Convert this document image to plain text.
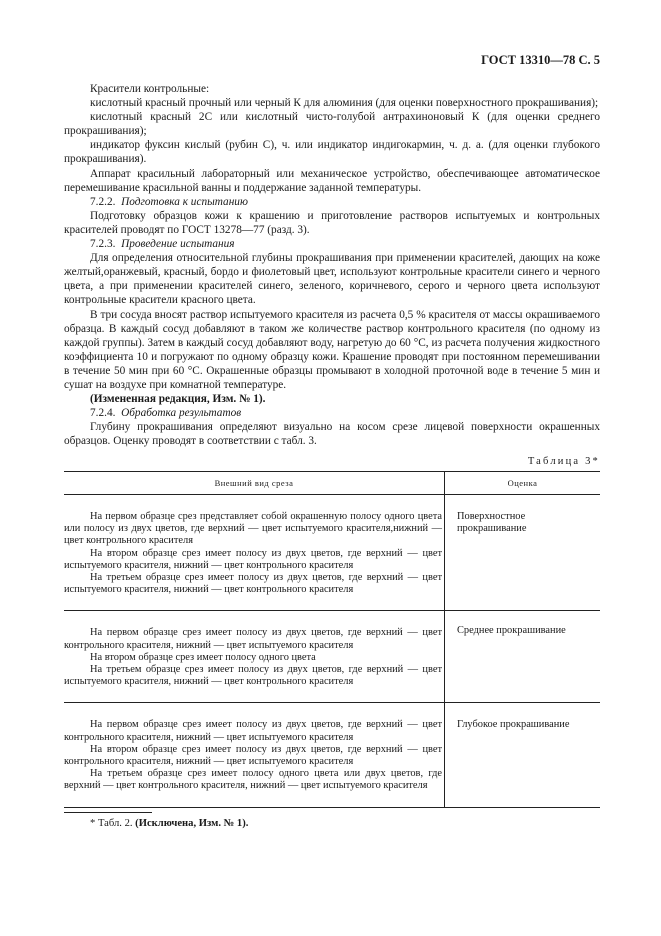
ГОСТ 13310—78 С. 5

Красители контрольные:

кислотный красный прочный или черный К для алюминия (для оценки поверхностного прокрашивания);

кислотный красный 2С или кислотный чисто-голубой антрахиноновый К (для оценки среднего прокрашивания);

индикатор фуксин кислый (рубин С), ч. или индикатор индигокармин, ч. д. а. (для оценки глубокого прокрашивания).

Аппарат красильный лабораторный или механическое устройство, обеспечивающее автоматическое перемешивание красильной ванны и поддержание заданной температуры.

7.2.2. Подготовка к испытанию

Подготовку образцов кожи к крашению и приготовление растворов испытуемых и контрольных красителей проводят по ГОСТ 13278—77 (разд. 3).

7.2.3. Проведение испытания

Для определения относительной глубины прокрашивания при применении красителей, дающих на коже желтый,оранжевый, красный, бордо и фиолетовый цвет, используют контрольные красители синего и черного цвета, а при применении красителей синего, зеленого, коричневого, серого и черного цвета используют контрольные красители красного цвета.

В три сосуда вносят раствор испытуемого красителя из расчета 0,5 % красителя от массы окрашиваемого образца. В каждый сосуд добавляют в таком же количестве раствор контрольного красителя (по одному из каждой группы). Затем в каждый сосуд добавляют воду, нагретую до 60 °С, из расчета получения жидкостного коэффициента 10 и погружают по одному образцу кожи. Крашение проводят при постоянном перемешивании в течение 50 мин при 60 °С. Окрашенные образцы промывают в холодной проточной воде в течение 5 мин и сушат на воздухе при комнатной температуре.

(Измененная редакция, Изм. № 1).

7.2.4. Обработка результатов

Глубину прокрашивания определяют визуально на косом срезе лицевой поверхности окрашенных образцов. Оценку проводят в соответствии с табл. 3.

Таблица 3*
Внешний вид среза	Оценка

На первом образце срез представляет собой окрашенную полосу одного цвета или полосу из двух цветов, где верхний — цвет испытуемого красителя,нижний — цвет контрольного красителя

На втором образце срез имеет полосу из двух цветов, где верхний — цвет испытуемого красителя, нижний — цвет контрольного красителя

На третьем образце срез имеет полосу из двух цветов, где верхний — цвет испытуемого красителя, нижний — цвет контрольного красителя	Поверхностное прокрашивание

На первом образце срез имеет полосу из двух цветов, где верхний — цвет контрольного красителя, нижний — цвет испытуемого красителя

На втором образце срез имеет полосу одного цвета

На третьем образце срез имеет полосу из двух цветов, где верхний — цвет испытуемого красителя, нижний — цвет контрольного красителя	Среднее прокрашивание

На первом образце срез имеет полосу из двух цветов, где верхний — цвет контрольного красителя, нижний — цвет испытуемого красителя

На втором образце срез имеет полосу из двух цветов, где верхний — цвет контрольного красителя, нижний — цвет испытуемого красителя

На третьем образце срез имеет полосу одного цвета или двух цветов, где верхний — цвет контрольного красителя, нижний — цвет испытуемого красителя	Глубокое прокрашивание

* Табл. 2. (Исключена, Изм. № 1).
